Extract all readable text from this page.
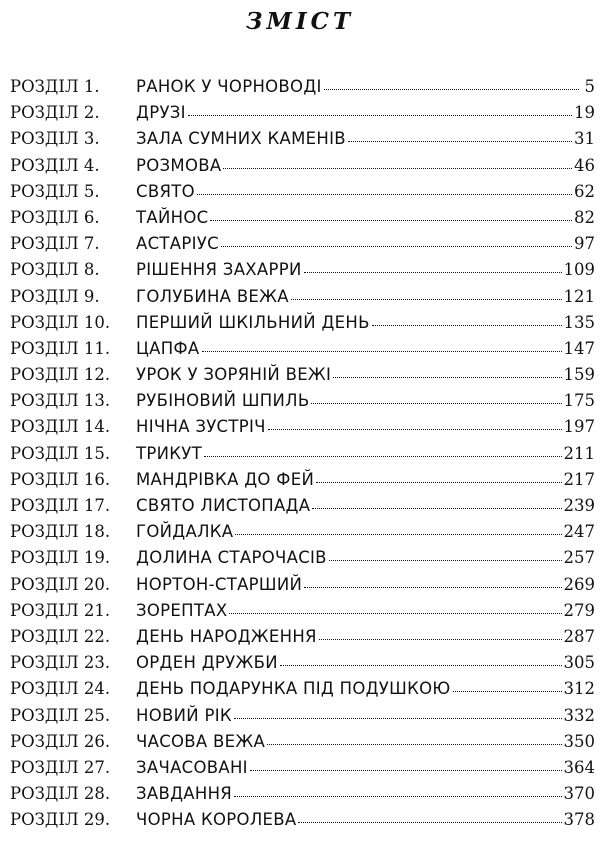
ЗМІСТ
РОЗДІЛ 1.	РАНОК У ЧОРНОВОДІ	5
РОЗДІЛ 2.	ДРУЗІ	19
РОЗДІЛ 3.	ЗАЛА СУМНИХ КАМЕНІВ	31
РОЗДІЛ 4.	РОЗМОВА	46
РОЗДІЛ 5.	СВЯТО	62
РОЗДІЛ 6.	ТАЙНОС	82
РОЗДІЛ 7.	АСТАРІУС	97
РОЗДІЛ 8.	РІШЕННЯ ЗАХАРРИ	109
РОЗДІЛ 9.	ГОЛУБИНА ВЕЖА	121
РОЗДІЛ 10.	ПЕРШИЙ ШКІЛЬНИЙ ДЕНЬ	135
РОЗДІЛ 11.	ЦАПФА	147
РОЗДІЛ 12.	УРОК У ЗОРЯНІЙ ВЕЖІ	159
РОЗДІЛ 13.	РУБІНОВИЙ ШПИЛЬ	175
РОЗДІЛ 14.	НІЧНА ЗУСТРІЧ	197
РОЗДІЛ 15.	ТРИКУТ	211
РОЗДІЛ 16.	МАНДРІВКА ДО ФЕЙ	217
РОЗДІЛ 17.	СВЯТО ЛИСТОПАДА	239
РОЗДІЛ 18.	ГОЙДАЛКА	247
РОЗДІЛ 19.	ДОЛИНА СТАРОЧАСІВ	257
РОЗДІЛ 20.	НОРТОН-СТАРШИЙ	269
РОЗДІЛ 21.	ЗОРЕПТАХ	279
РОЗДІЛ 22.	ДЕНЬ НАРОДЖЕННЯ	287
РОЗДІЛ 23.	ОРДЕН ДРУЖБИ	305
РОЗДІЛ 24.	ДЕНЬ ПОДАРУНКА ПІД ПОДУШКОЮ	312
РОЗДІЛ 25.	НОВИЙ РІК	332
РОЗДІЛ 26.	ЧАСОВА ВЕЖА	350
РОЗДІЛ 27.	ЗАЧАСОВАНІ	364
РОЗДІЛ 28.	ЗАВДАННЯ	370
РОЗДІЛ 29.	ЧОРНА КОРОЛЕВА	378
